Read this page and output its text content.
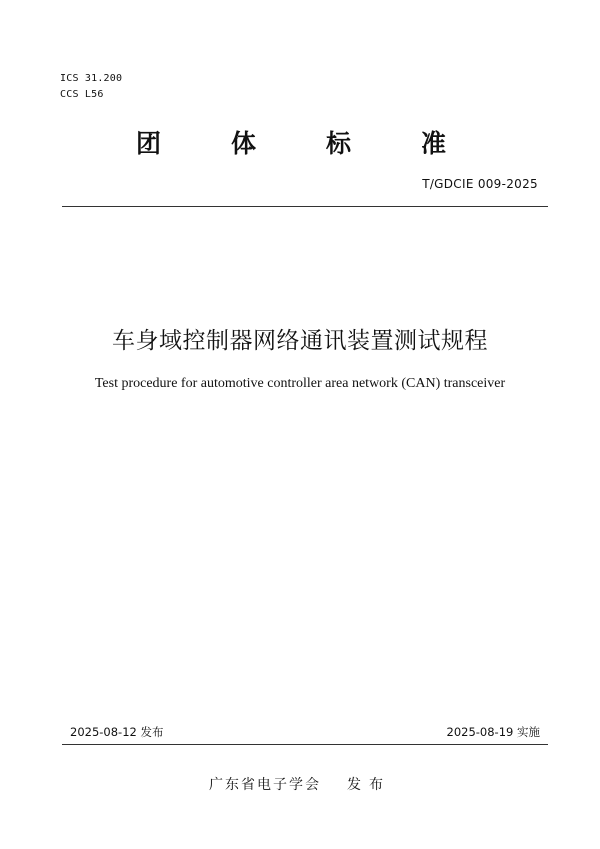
ICS 31.200
CCS L56
团	体	标	准
T/GDCIE 009-2025
车身域控制器网络通讯装置测试规程
Test procedure for automotive controller area network (CAN) transceiver
2025-08-12 发布	2025-08-19 实施
广东省电子学会 发布
